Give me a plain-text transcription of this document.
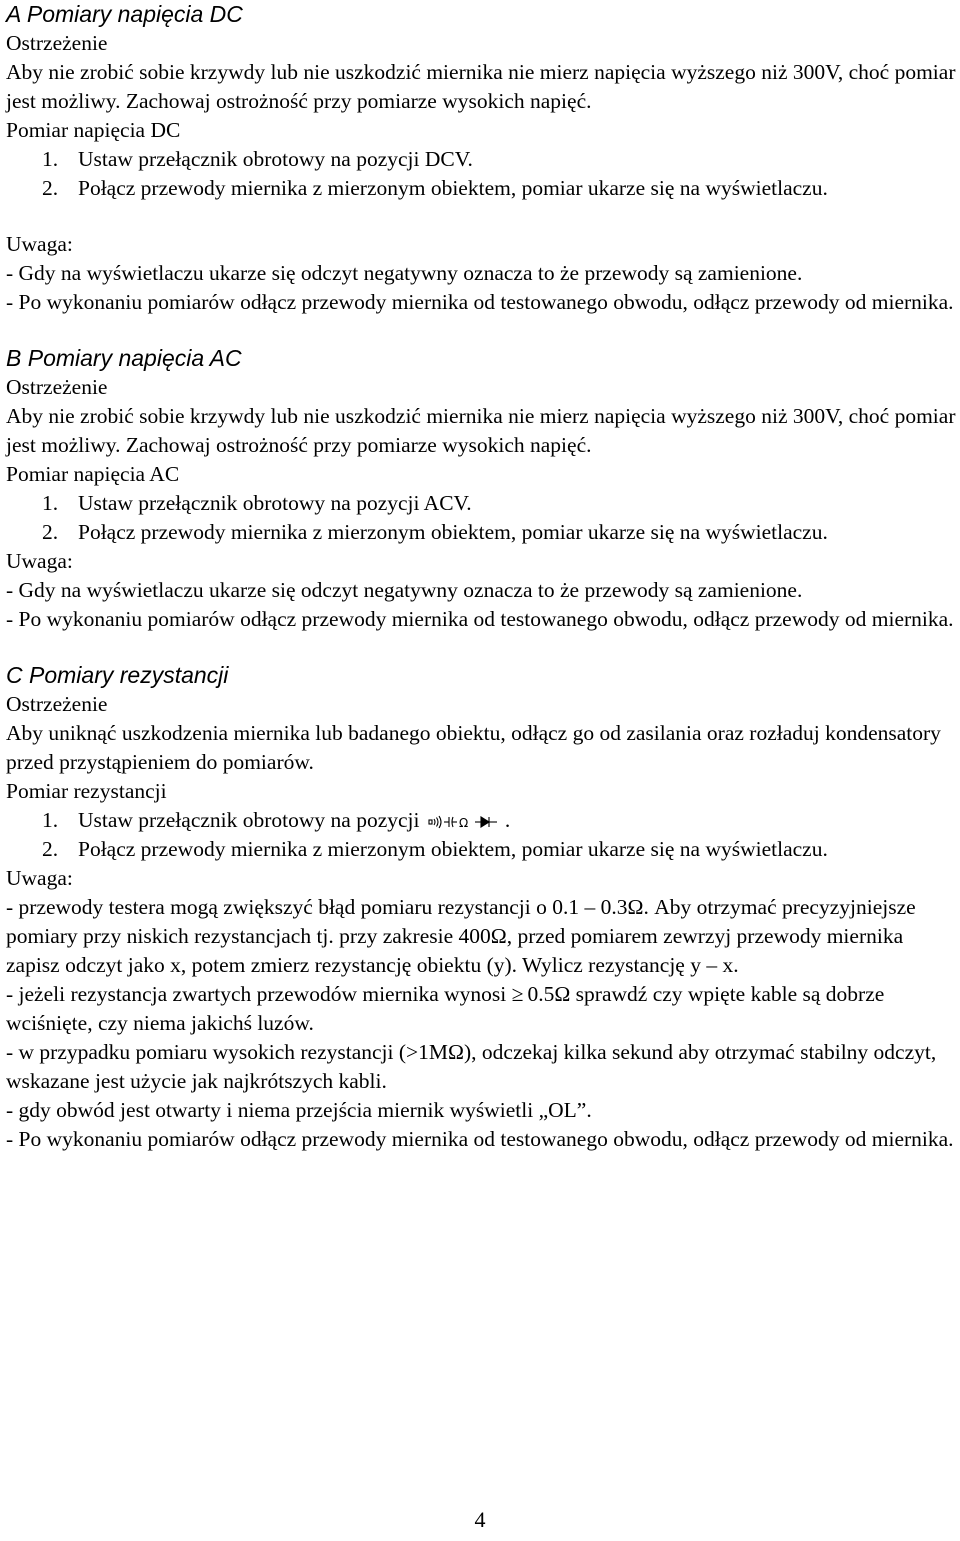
A Pomiary napięcia DC

Ostrzeżenie

Aby nie zrobić sobie krzywdy lub nie uszkodzić miernika nie mierz napięcia wyższego niż 300V, choć pomiar jest możliwy. Zachowaj ostrożność przy pomiarze wysokich napięć.

Pomiar napięcia DC

1. Ustaw przełącznik obrotowy na pozycji DCV.
2. Połącz przewody miernika z mierzonym obiektem, pomiar ukarze się na wyświetlaczu.

Uwaga:

- Gdy na wyświetlaczu ukarze się odczyt negatywny oznacza to że przewody są zamienione.

- Po wykonaniu pomiarów odłącz przewody miernika od testowanego obwodu, odłącz przewody od miernika.

B Pomiary napięcia AC

Ostrzeżenie

Aby nie zrobić sobie krzywdy lub nie uszkodzić miernika nie mierz napięcia wyższego niż 300V, choć pomiar jest możliwy. Zachowaj ostrożność przy pomiarze wysokich napięć.

Pomiar napięcia AC

1. Ustaw przełącznik obrotowy na pozycji ACV.
2. Połącz przewody miernika z mierzonym obiektem, pomiar ukarze się na wyświetlaczu.

Uwaga:

- Gdy na wyświetlaczu ukarze się odczyt negatywny oznacza to że przewody są zamienione.

- Po wykonaniu pomiarów odłącz przewody miernika od testowanego obwodu, odłącz przewody od miernika.

C Pomiary rezystancji

Ostrzeżenie

Aby uniknąć uszkodzenia miernika lub badanego obiektu, odłącz go od zasilania oraz rozładuj kondensatory przed przystąpieniem do pomiarów.

Pomiar rezystancji

1. Ustaw przełącznik obrotowy na pozycji	Ω .
2. Połącz przewody miernika z mierzonym obiektem, pomiar ukarze się na wyświetlaczu.

Uwaga:

- przewody testera mogą zwiększyć błąd pomiaru rezystancji o 0.1 – 0.3Ω. Aby otrzymać precyzyjniejsze pomiary przy niskich rezystancjach tj. przy zakresie 400Ω, przed pomiarem zewrzyj przewody miernika zapisz odczyt jako x, potem zmierz rezystancję obiektu (y). Wylicz rezystancję y – x.

- jeżeli rezystancja zwartych przewodów miernika wynosi ≥ 0.5Ω sprawdź czy wpięte kable są dobrze wciśnięte, czy niema jakichś luzów.

- w przypadku pomiaru wysokich rezystancji (>1MΩ), odczekaj kilka sekund aby otrzymać stabilny odczyt, wskazane jest użycie jak najkrótszych kabli.

- gdy obwód jest otwarty i niema przejścia miernik wyświetli „OL”.

- Po wykonaniu pomiarów odłącz przewody miernika od testowanego obwodu, odłącz przewody od miernika.

4
